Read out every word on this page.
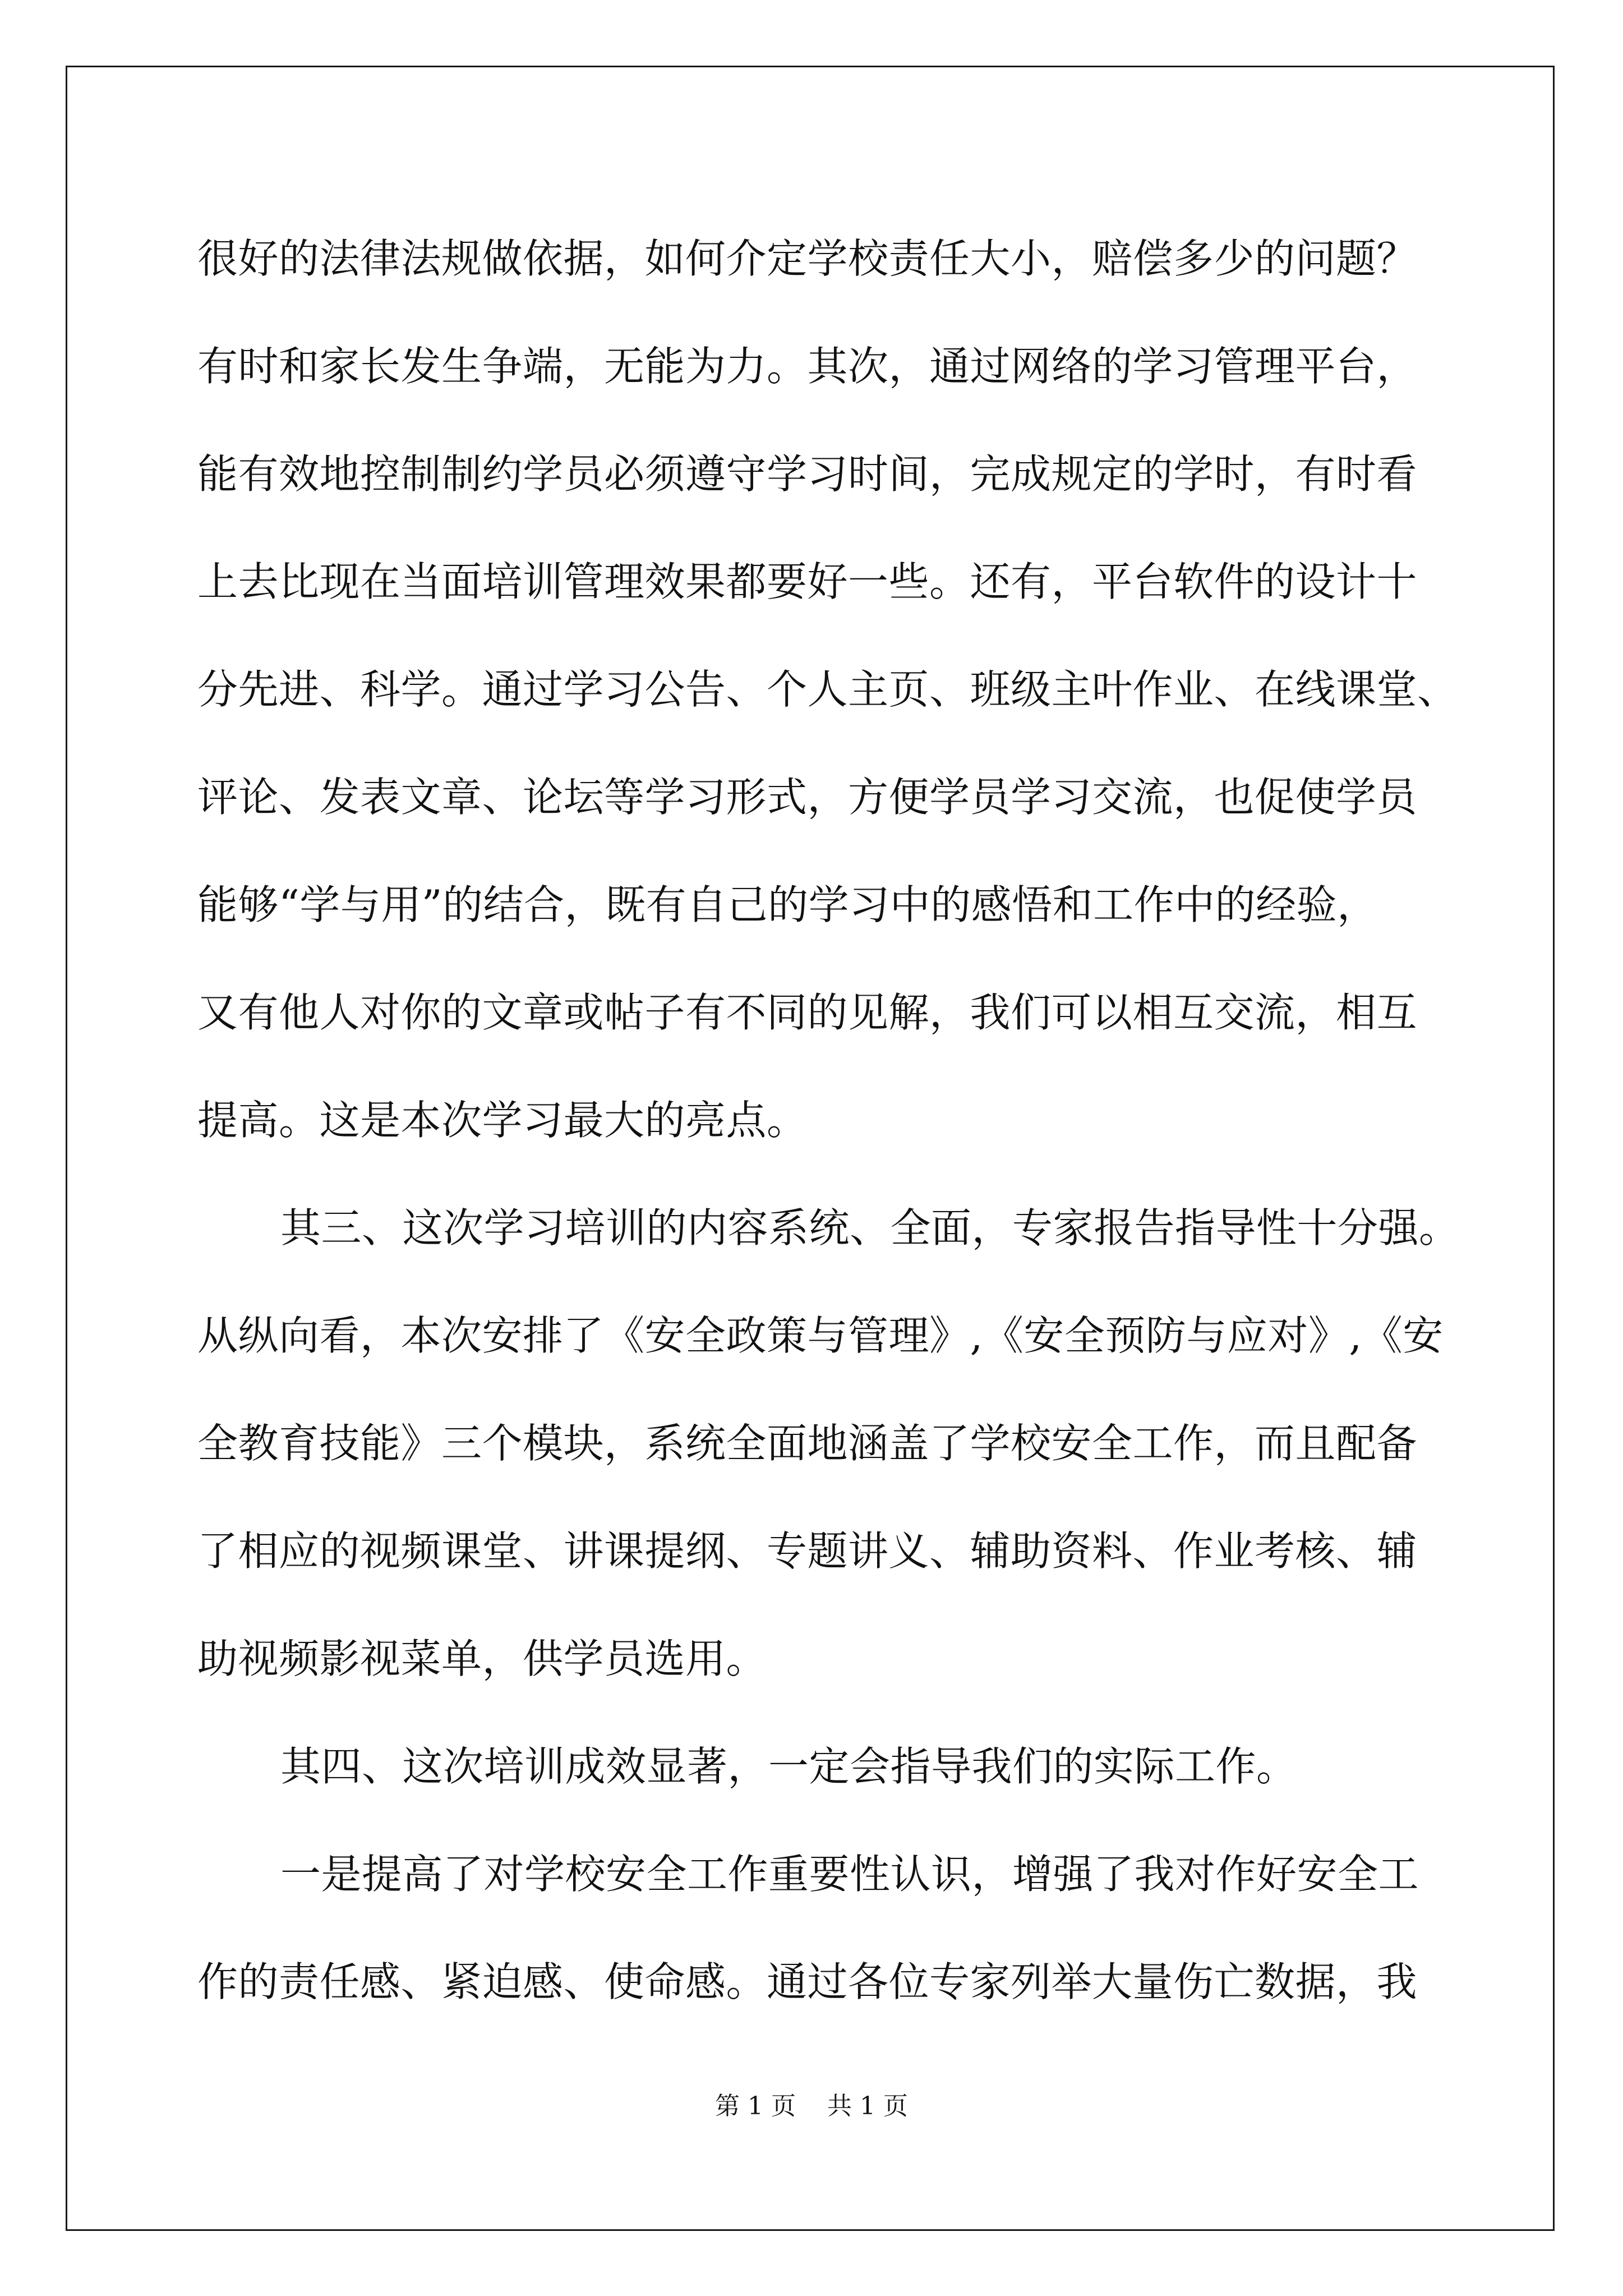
很好的法律法规做依据，如何介定学校责任大小，赔偿多少的问题？
有时和家长发生争端，无能为力。其次，通过网络的学习管理平台，
能有效地控制制约学员必须遵守学习时间，完成规定的学时，有时看
上去比现在当面培训管理效果都要好一些。还有，平台软件的设计十
分先进、科学。通过学习公告、个人主页、班级主叶作业、在线课堂、
评论、发表文章、论坛等学习形式，方便学员学习交流，也促使学员
能够“学与用”的结合，既有自己的学习中的感悟和工作中的经验，
又有他人对你的文章或帖子有不同的见解，我们可以相互交流，相互
提高。这是本次学习最大的亮点。
其三、这次学习培训的内容系统、全面，专家报告指导性十分强。
从纵向看，本次安排了《安全政策与管理》,《安全预防与应对》,《安
全教育技能》三个模块，系统全面地涵盖了学校安全工作，而且配备
了相应的视频课堂、讲课提纲、专题讲义、辅助资料、作业考核、辅
助视频影视菜单，供学员选用。
其四、这次培训成效显著，一定会指导我们的实际工作。
一是提高了对学校安全工作重要性认识，增强了我对作好安全工
作的责任感、紧迫感、使命感。通过各位专家列举大量伤亡数据，我
第 1 页    共 1 页
